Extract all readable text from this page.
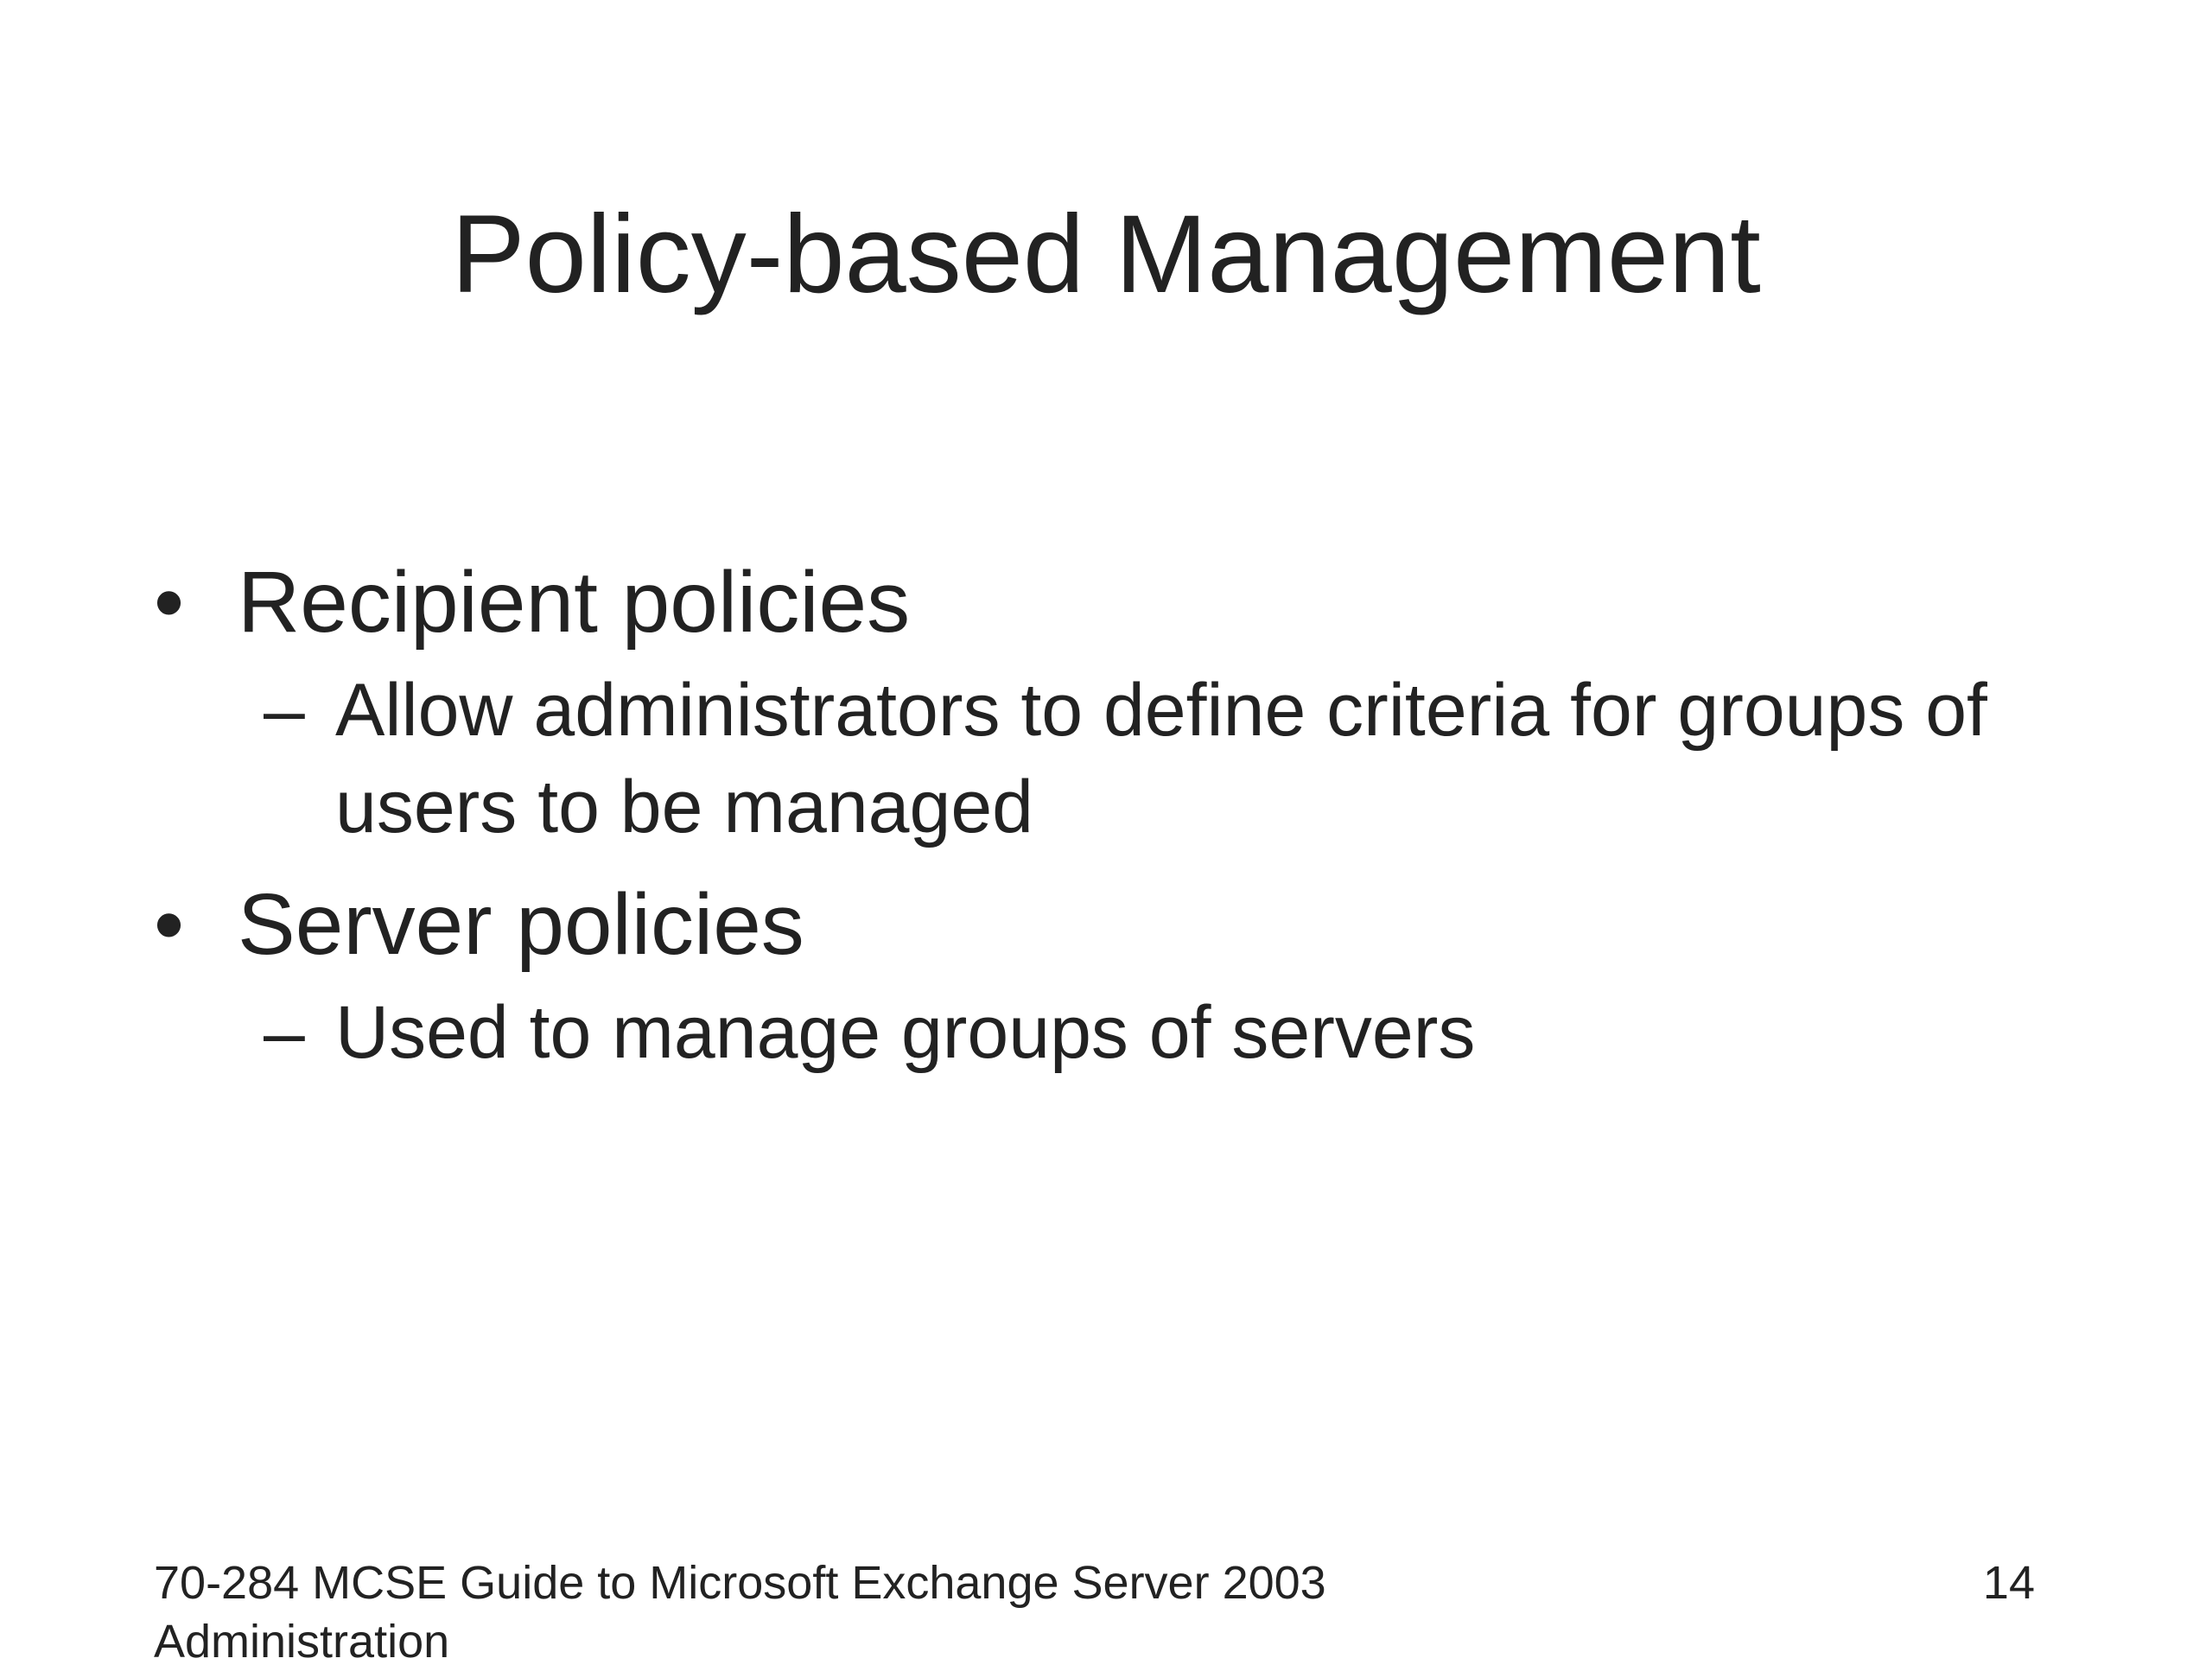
Policy-based Management
• Recipient policies
– Allow administrators to define criteria for groups of users to be managed
• Server policies
– Used to manage groups of servers
70-284 MCSE Guide to Microsoft Exchange Server 2003 Administration
14
